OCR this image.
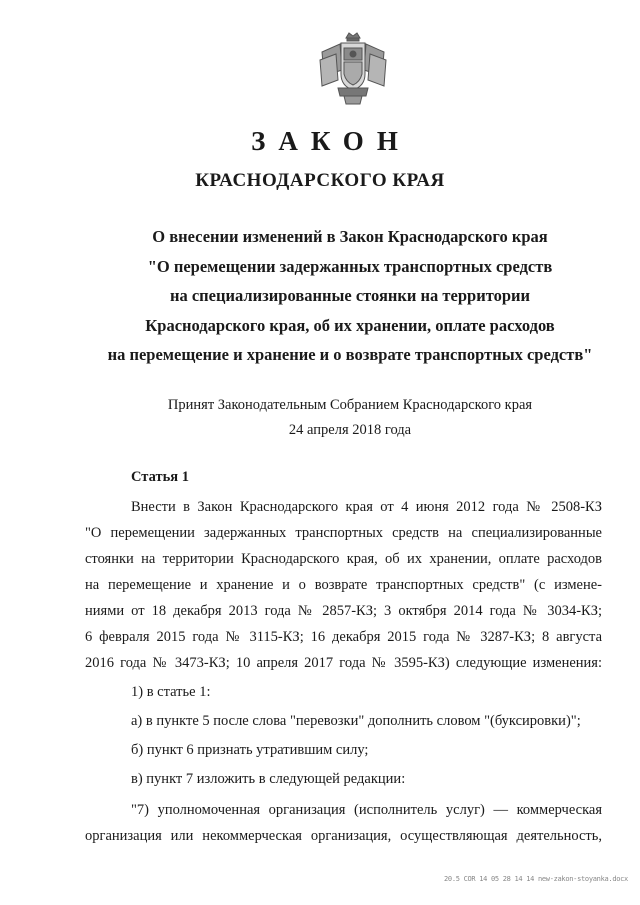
ЗАКОН
КРАСНОДАРСКОГО КРАЯ
О внесении изменений в Закон Краснодарского края
"О перемещении задержанных транспортных средств
на специализированные стоянки на территории
Краснодарского края, об их хранении, оплате расходов
на перемещение и хранение и о возврате транспортных средств"
Принят Законодательным Собранием Краснодарского края
24 апреля 2018 года
Статья 1
Внести в Закон Краснодарского края от 4 июня 2012 года № 2508-КЗ
"О перемещении задержанных транспортных средств на специализированные
стоянки на территории Краснодарского края, об их хранении, оплате расходов
на перемещение и хранение и о возврате транспортных средств" (с измене-
ниями от 18 декабря 2013 года № 2857-КЗ; 3 октября 2014 года № 3034-КЗ;
6 февраля 2015 года № 3115-КЗ; 16 декабря 2015 года № 3287-КЗ; 8 августа
2016 года № 3473-КЗ; 10 апреля 2017 года № 3595-КЗ) следующие изменения:
1) в статье 1:
а) в пункте 5 после слова "перевозки" дополнить словом "(буксировки)";
б) пункт 6 признать утратившим силу;
в) пункт 7 изложить в следующей редакции:
"7) уполномоченная организация (исполнитель услуг) — коммерческая
организация или некоммерческая организация, осуществляющая деятельность,
20.5 COR 14 05 28 14 14 new-zakon-stoyanka.docx
